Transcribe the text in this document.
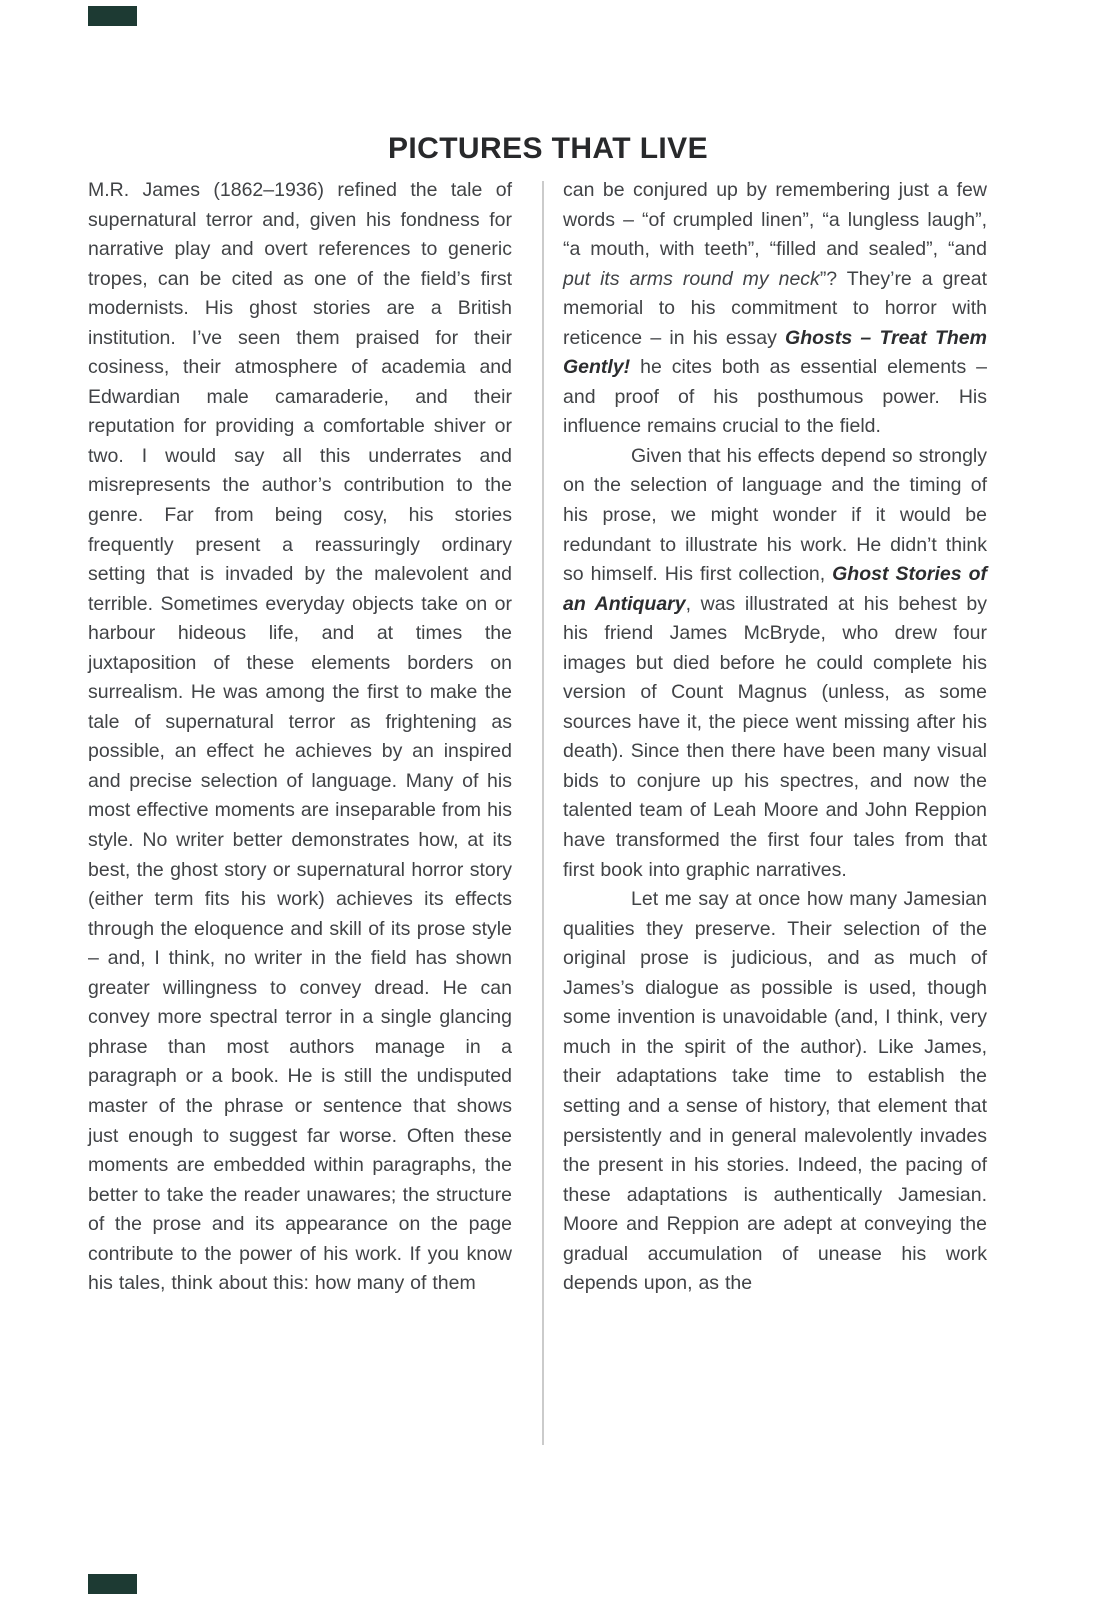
PICTURES THAT LIVE

M.R. James (1862–1936) refined the tale of supernatural terror and, given his fondness for narrative play and overt references to generic tropes, can be cited as one of the field’s first modernists. His ghost stories are a British institution. I’ve seen them praised for their cosiness, their atmosphere of academia and Edwardian male camaraderie, and their reputation for providing a comfortable shiver or two. I would say all this underrates and misrepresents the author’s contribution to the genre. Far from being cosy, his stories frequently present a reassuringly ordinary setting that is invaded by the malevolent and terrible. Sometimes everyday objects take on or harbour hideous life, and at times the juxtaposition of these elements borders on surrealism. He was among the first to make the tale of supernatural terror as frightening as possible, an effect he achieves by an inspired and precise selection of language. Many of his most effective moments are inseparable from his style. No writer better demonstrates how, at its best, the ghost story or supernatural horror story (either term fits his work) achieves its effects through the eloquence and skill of its prose style – and, I think, no writer in the field has shown greater willingness to convey dread. He can convey more spectral terror in a single glancing phrase than most authors manage in a paragraph or a book. He is still the undisputed master of the phrase or sentence that shows just enough to suggest far worse. Often these moments are embedded within paragraphs, the better to take the reader unawares; the structure of the prose and its appearance on the page contribute to the power of his work. If you know his tales, think about this: how many of them

can be conjured up by remembering just a few words – “of crumpled linen”, “a lungless laugh”, “a mouth, with teeth”, “filled and sealed”, “and put its arms round my neck”? They’re a great memorial to his commitment to horror with reticence – in his essay Ghosts – Treat Them Gently! he cites both as essential elements – and proof of his posthumous power. His influence remains crucial to the field.

Given that his effects depend so strongly on the selection of language and the timing of his prose, we might wonder if it would be redundant to illustrate his work. He didn’t think so himself. His first collection, Ghost Stories of an Antiquary, was illustrated at his behest by his friend James McBryde, who drew four images but died before he could complete his version of Count Magnus (unless, as some sources have it, the piece went missing after his death). Since then there have been many visual bids to conjure up his spectres, and now the talented team of Leah Moore and John Reppion have transformed the first four tales from that first book into graphic narratives.

Let me say at once how many Jamesian qualities they preserve. Their selection of the original prose is judicious, and as much of James’s dialogue as possible is used, though some invention is unavoidable (and, I think, very much in the spirit of the author). Like James, their adaptations take time to establish the setting and a sense of history, that element that persistently and in general malevolently invades the present in his stories. Indeed, the pacing of these adaptations is authentically Jamesian. Moore and Reppion are adept at conveying the gradual accumulation of unease his work depends upon, as the
